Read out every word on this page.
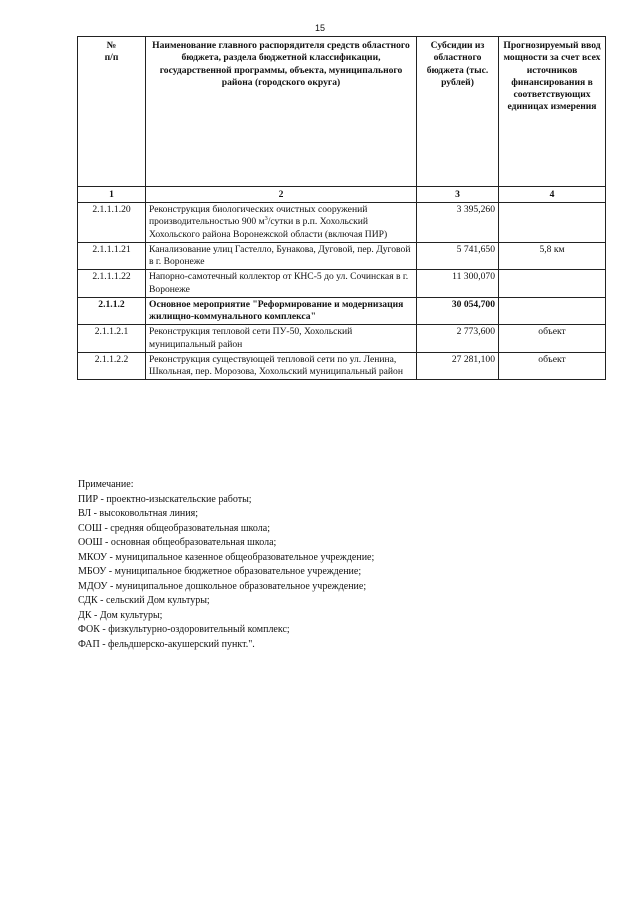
15
№
п/п	Наименование главного распорядителя средств областного бюджета, раздела бюджетной классификации, государственной программы, объекта, муниципального района (городского округа)	Субсидии из областного бюджета (тыс. рублей)	Прогнозируемый ввод мощности за счет всех источников финансирования в соответствующих единицах измерения
1	2	3	4
2.1.1.1.20	Реконструкция биологических очистных сооружений производительностью 900 $м^3$/сутки в р.п. Хохольский Хохольского района Воронежской области (включая ПИР)	3 395,260	
2.1.1.1.21	Канализование улиц Гастелло, Бунакова, Дуговой, пер. Дуговой в г. Воронеже	5 741,650	5,8 км
2.1.1.1.22	Напорно-самотечный коллектор от КНС-5 до ул. Сочинская в г. Воронеже	11 300,070	
2.1.1.2	Основное мероприятие "Реформирование и модернизация жилищно-коммунального комплекса"	30 054,700	
2.1.1.2.1	Реконструкция тепловой сети ПУ-50, Хохольский муниципальный район	2 773,600	объект
2.1.1.2.2	Реконструкция существующей тепловой сети по ул. Ленина, Школьная, пер. Морозова, Хохольский муниципальный район	27 281,100	объект
Примечание:
ПИР - проектно-изыскательские работы;
ВЛ - высоковольтная линия;
СОШ - средняя общеобразовательная школа;
ООШ - основная общеобразовательная школа;
МКОУ - муниципальное казенное общеобразовательное учреждение;
МБОУ - муниципальное бюджетное образовательное учреждение;
МДОУ - муниципальное дошкольное образовательное учреждение;
СДК - сельский Дом культуры;
ДК - Дом культуры;
ФОК - физкультурно-оздоровительный комплекс;
ФАП - фельдшерско-акушерский пункт.".
